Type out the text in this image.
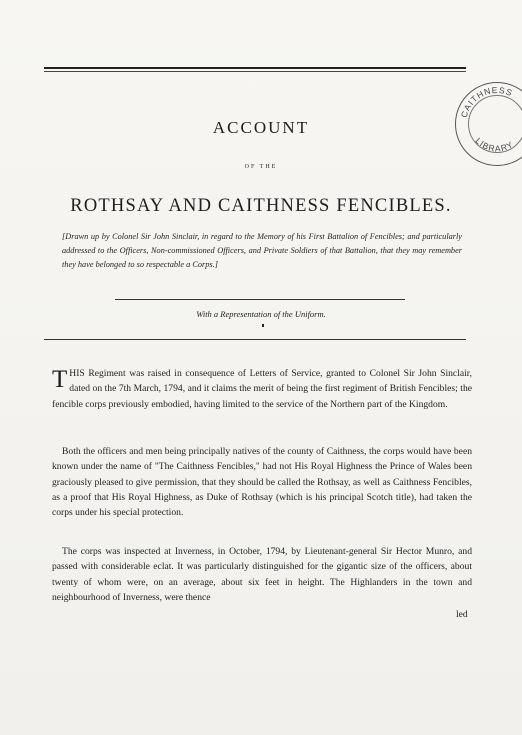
CAITHNESS
LIBRARY
ACCOUNT
OF THE
ROTHSAY AND CAITHNESS FENCIBLES.
[Drawn up by Colonel Sir John Sinclair, in regard to the Memory of his First Battalion of Fencibles; and particularly addressed to the Officers, Non-commissioned Officers, and Private Soldiers of that Battalion, that they may remember they have belonged to so respectable a Corps.]
With a Representation of the Uniform.
THIS Regiment was raised in consequence of Letters of Service, granted to Colonel Sir John Sinclair, dated on the 7th March, 1794, and it claims the merit of being the first regiment of British Fencibles; the fencible corps previously embodied, having limited to the service of the Northern part of the Kingdom.
Both the officers and men being principally natives of the county of Caithness, the corps would have been known under the name of "The Caithness Fencibles," had not His Royal Highness the Prince of Wales been graciously pleased to give permission, that they should be called the Rothsay, as well as Caithness Fencibles, as a proof that His Royal Highness, as Duke of Rothsay (which is his principal Scotch title), had taken the corps under his special protection.
The corps was inspected at Inverness, in October, 1794, by Lieutenant-general Sir Hector Munro, and passed with considerable eclat. It was particularly distinguished for the gigantic size of the officers, about twenty of whom were, on an average, about six feet in height. The Highlanders in the town and neighbourhood of Inverness, were thence
led
